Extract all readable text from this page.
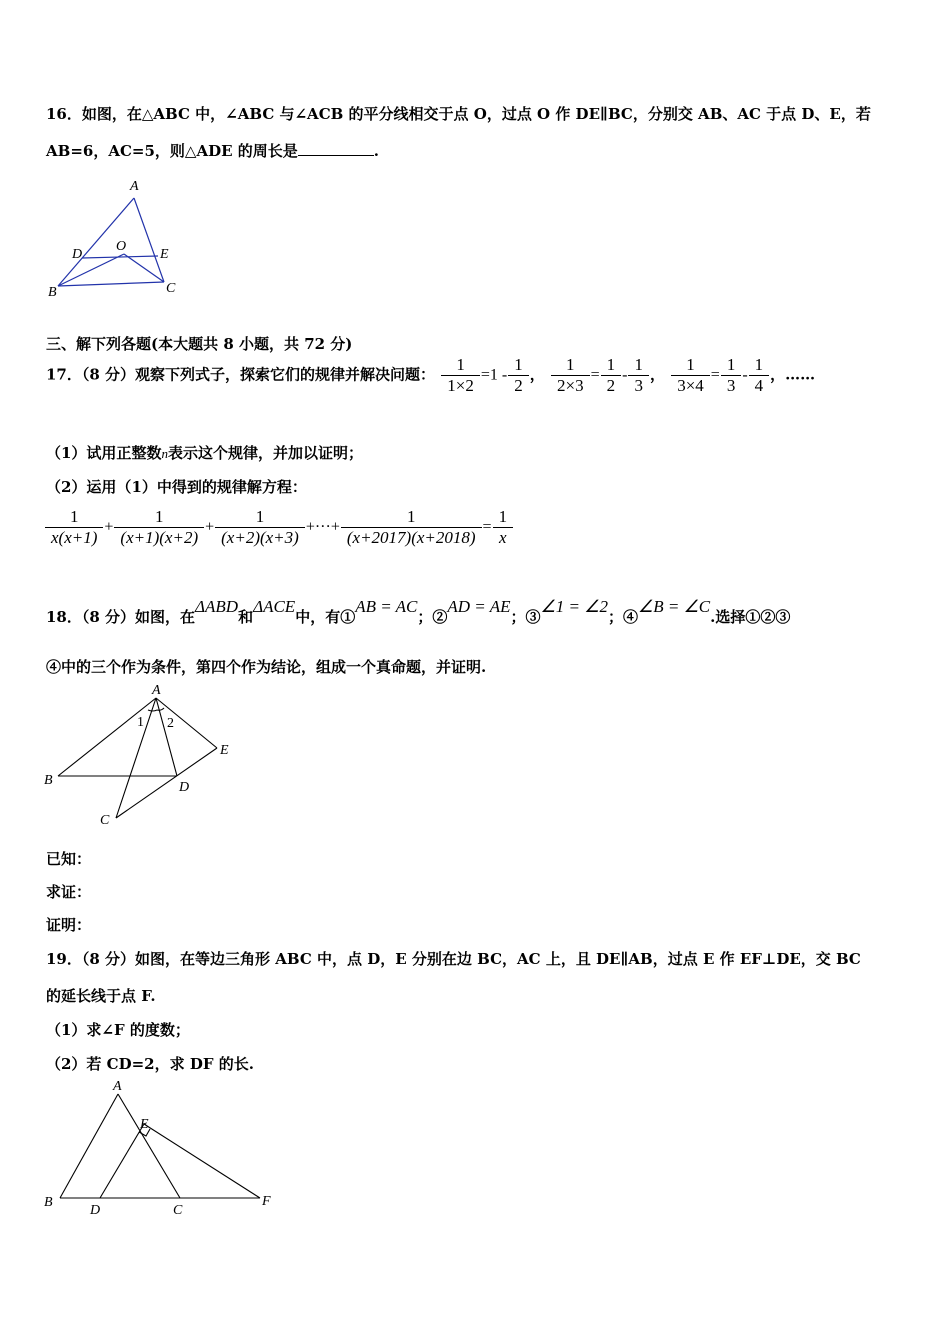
16．如图，在△ABC 中，∠ABC 与∠ACB 的平分线相交于点 O，过点 O 作 DE∥BC，分别交 AB、AC 于点 D、E，若
AB=6，AC=5，则△ADE 的周长是	.
A
D
O
E
B	C
三、解下列各题(本大题共 8 小题，共 72 分)
17．（8 分）观察下列式子，探索它们的规律并解决问题： $\frac{1}{1\times 2} =1 - \frac{1}{2}$ ， $\frac{1}{2\times 3} = \frac{1}{2} - \frac{1}{3}$ ， $\frac{1}{3\times 4} = \frac{1}{3} - \frac{1}{4}$ ，……
（1）试用正整数n表示这个规律，并加以证明；
（2）运用（1）中得到的规律解方程：
$\frac{1}{x(x+1)} + \frac{1}{(x+1)(x+2)} + \frac{1}{(x+2)(x+3)}$ +···+ $\frac{1}{(x+2017)(x+2018)} = \frac{1}{x}$
18．（8 分）如图，在ΔABD和ΔACE中，有①AB = AC；②AD = AE；③∠1 = ∠2；④∠B = ∠C.选择①②③
④中的三个作为条件，第四个作为结论，组成一个真命题，并证明.
A
1 2
E
B	D
C
已知：
求证：
证明：
19．（8 分）如图，在等边三角形 ABC 中，点 D，E 分别在边 BC，AC 上，且 DE∥AB，过点 E 作 EF⊥DE，交 BC
的延长线于点 F.
（1）求∠F 的度数；
（2）若 CD=2，求 DF 的长.
A
E
B
D	C
F
